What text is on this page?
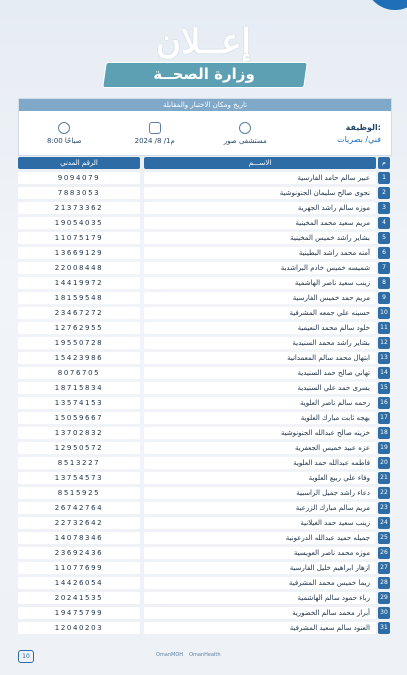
إعــلان
وزارة الصحــة
تاريخ ومكان الاختبار والمقابلة
8:00 صباحًا	2024 /8 /1م	مستشفى صور
الوظيفة:
فني/ بصريات
الرقم المدني	الاســـم	م
9094079	عبير سالم حامد الفارسية	1
7883053	نجوى صالح سليمان الجنونوشية	2
21373362	موزه سالم راشد الجهرية	3
19054035	مريم سعيد محمد المخينية	4
11075179	بشاير راشد خميس المخينية	5
13669129	آمنه محمد راشد البطينية	6
22008448	شميسه خميس خادم البراشدية	7
14419972	زينب سعيد ناصر الهاشمية	8
18159548	مريم حمد خميس الفارسية	9
23467272	حسينه علي جمعه المشرفية	10
12762955	خلود سالم محمد النعيمية	11
19550728	بشاير راشد محمد السنيدية	12
15423986	ابتهال محمد سالم المعمدانية	13
8076705	تهاني صالح حمد السنيدية	14
18715834	يسرى حمد علي السنيدية	15
13574153	رحمه سالم ناصر العلوية	16
15059667	بهجه ثابت مبارك العلوية	17
13702832	خزينه صالح عبدالله الجنونوشية	18
12950572	عزه عبيد خميس الجعفرية	19
8513227	فاطمه عبدالله حمد العلوية	20
13754573	وفاء علي ربيع العلوية	21
8515925	دعاء راشد جميل الراسبية	22
26742764	مريم سالم مبارك الزرعية	23
22732642	زينب سعيد حمد الغيلانية	24
14078346	جميله حميد عبدالله الدرعونية	25
23692436	موزه محمد ناصر العويسية	26
11077699	ازهار ابراهيم خليل الفارسية	27
14426054	ريما خميس محمد المشرفية	28
20241535	رباء حمود سالم الهاشمية	29
19475799	أبرار محمد سالم الخضورية	30
12040203	العنود سالم سعيد المشرفية	31
10	OmanMOH OmanHealth
